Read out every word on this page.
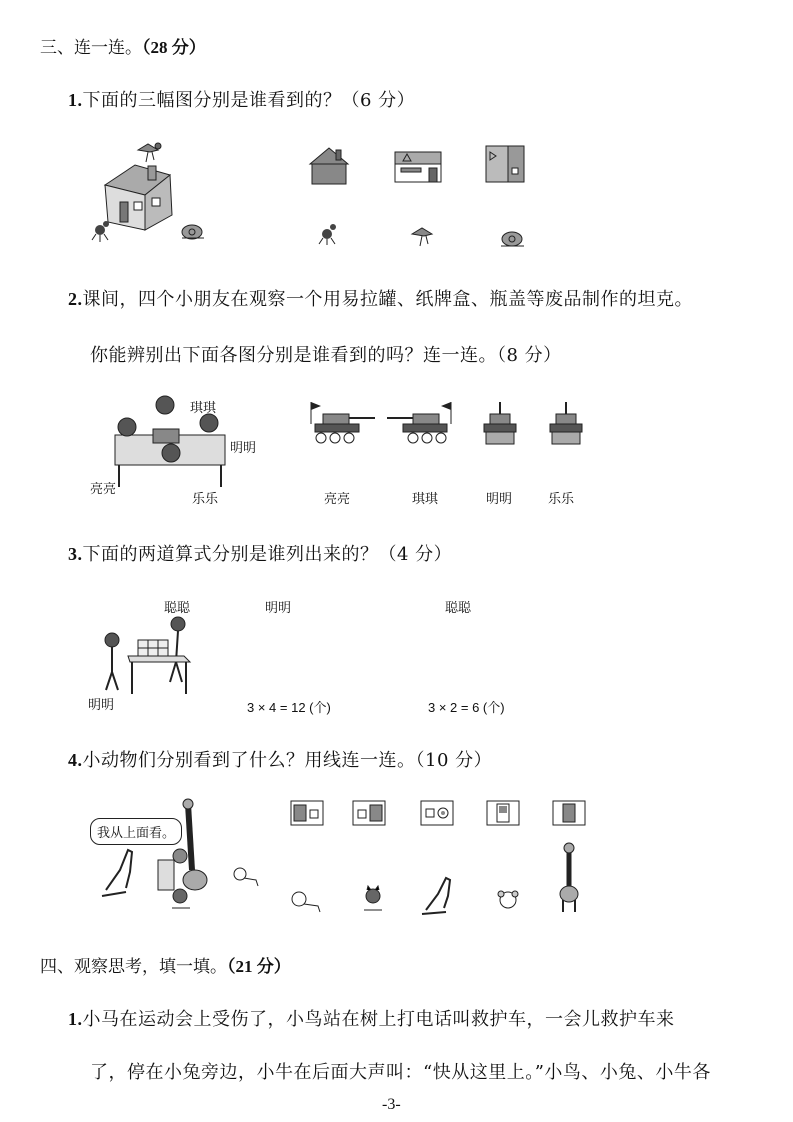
三、连一连。（28 分）
1.下面的三幅图分别是谁看到的？（6 分）
2.课间，四个小朋友在观察一个用易拉罐、纸牌盒、瓶盖等废品制作的坦克。
你能辨别出下面各图分别是谁看到的吗？连一连。（8 分）
琪琪
明明
亮亮
乐乐	亮亮	琪琪	明明	乐乐
3.下面的两道算式分别是谁列出来的？（4 分）
聪聪	明明	聪聪
明明	3 × 4 = 12 (个)	3 × 2 = 6 (个)
4.小动物们分别看到了什么？用线连一连。（10 分）
我从上面看。
四、观察思考，填一填。（21 分）
1.小马在运动会上受伤了，小鸟站在树上打电话叫救护车，一会儿救护车来
了，停在小兔旁边，小牛在后面大声叫：“快从这里上。”小鸟、小兔、小牛各
-3-
